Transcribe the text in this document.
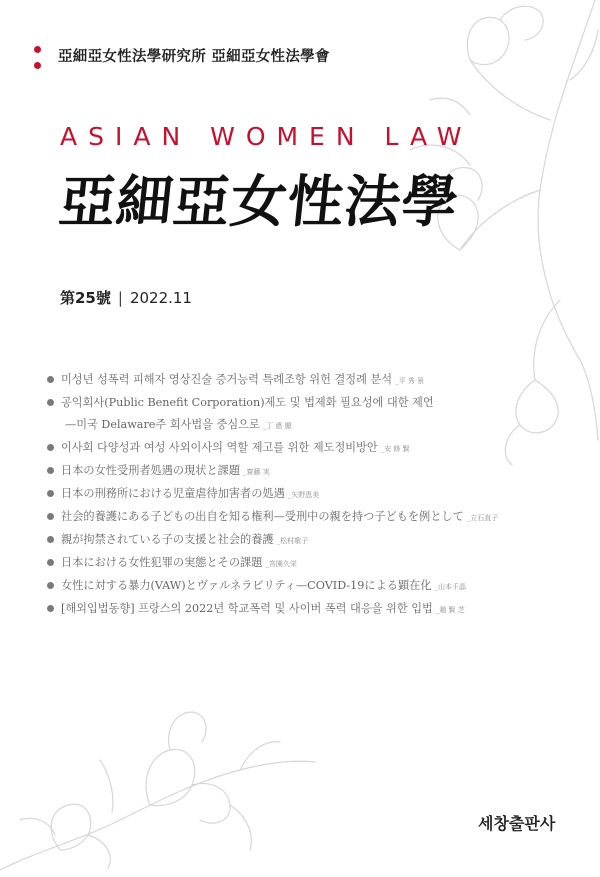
亞細亞女性法學研究所 亞細亞女性法學會
ASIAN WOMEN LAW
亞細亞女性法學
第25號 | 2022.11
미성년 성폭력 피해자 영상진술 증거능력 특례조항 위헌 결정례 분석 _平 秀 景
공익회사(Public Benefit Corporation)제도 및 법제화 필요성에 대한 제언
—미국 Delaware주 회사법을 중심으로 _丁 悳 顯
이사회 다양성과 여성 사외이사의 역할 제고를 위한 제도정비방안 _安 修 賢
日本の女性受刑者処遇の現状と課題 _齋藤 実
日本の刑務所における児童虐待加害者の処遇 _矢野恵美
社会的養護にある子どもの出自を知る権利—受刑中の親を持つ子どもを例として _立石直子
親が拘禁されている子の支援と社会的養護 _松村歌子
日本における女性犯罪の実態とその課題 _宮園久栄
女性に対する暴力(VAW)とヴァルネラビリティ—COVID-19による顕在化 _山本千晶
[해외입법동향] 프랑스의 2022년 학교폭력 및 사이버 폭력 대응을 위한 입법 _趙 賢 芝
세창출판사
